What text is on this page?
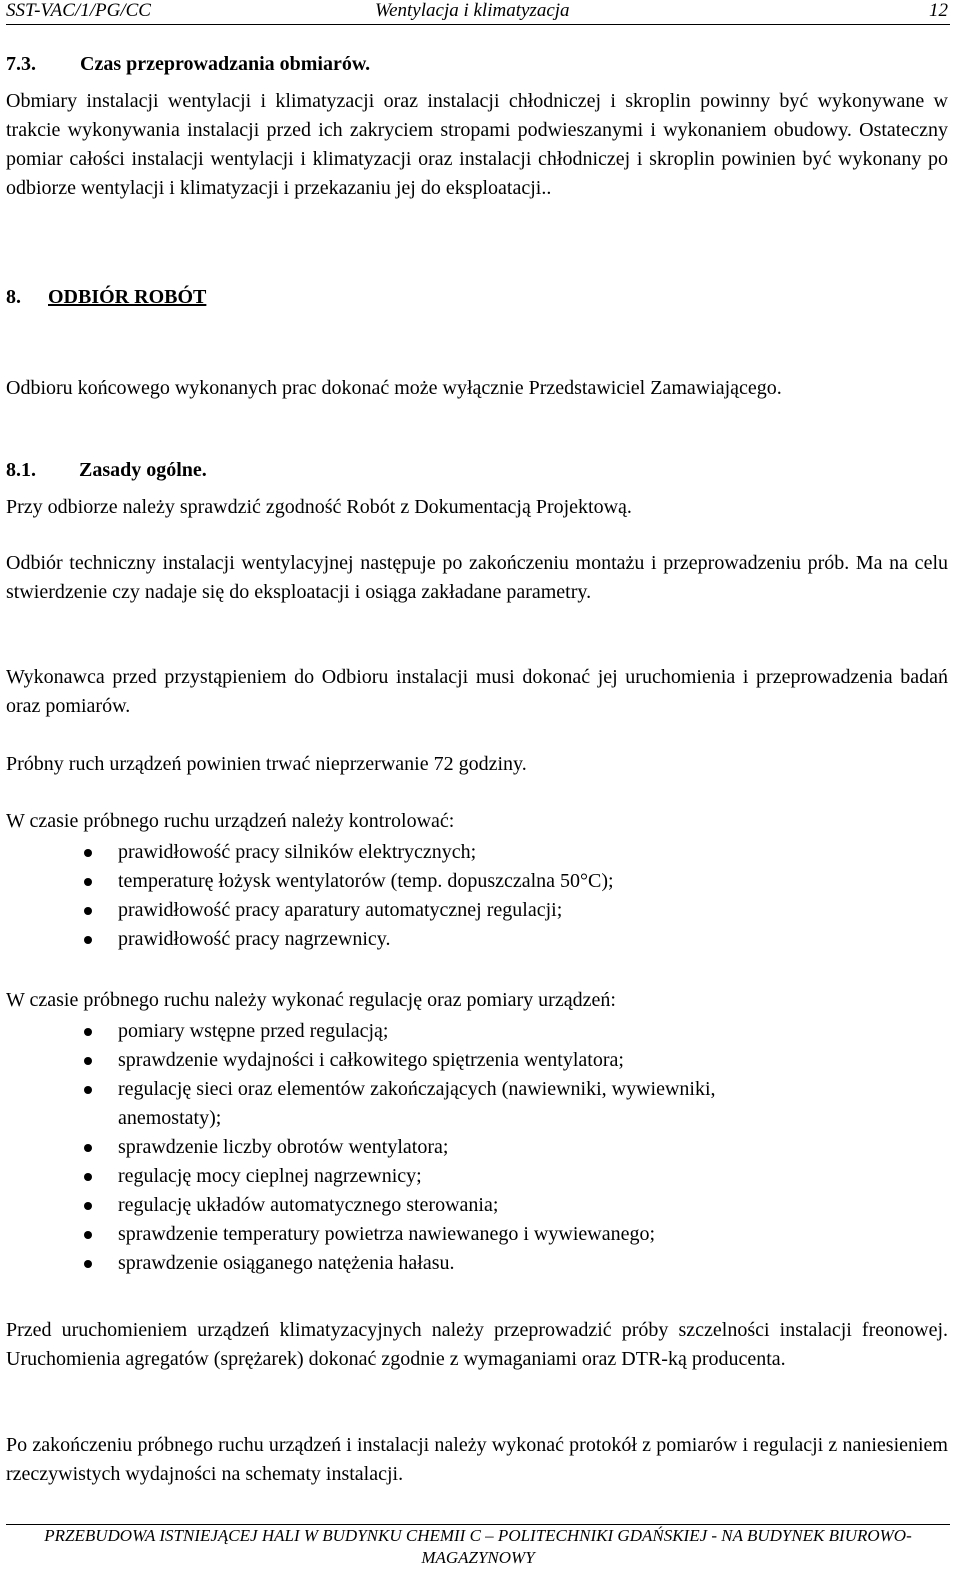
SST-VAC/1/PG/CC	Wentylacja i klimatyzacja	12
7.3. Czas przeprowadzania obmiarów.
Obmiary instalacji wentylacji i klimatyzacji oraz instalacji chłodniczej i skroplin powinny być wykonywane w trakcie wykonywania instalacji przed ich zakryciem stropami podwieszanymi i wykonaniem obudowy. Ostateczny pomiar całości instalacji wentylacji i klimatyzacji oraz instalacji chłodniczej i skroplin powinien być wykonany po odbiorze wentylacji i klimatyzacji i przekazaniu jej do eksploatacji..
8. ODBIÓR ROBÓT
Odbioru końcowego wykonanych prac dokonać może wyłącznie Przedstawiciel Zamawiającego.
8.1. Zasady ogólne.
Przy odbiorze należy sprawdzić zgodność Robót z Dokumentacją Projektową.
Odbiór techniczny instalacji wentylacyjnej następuje po zakończeniu montażu i przeprowadzeniu prób. Ma na celu stwierdzenie czy nadaje się do eksploatacji i osiąga zakładane parametry.
Wykonawca przed przystąpieniem do Odbioru instalacji musi dokonać jej uruchomienia i przeprowadzenia badań oraz pomiarów.
Próbny ruch urządzeń powinien trwać nieprzerwanie 72 godziny.
W czasie próbnego ruchu urządzeń należy kontrolować:
prawidłowość pracy silników elektrycznych;
temperaturę łożysk wentylatorów (temp. dopuszczalna 50°C);
prawidłowość pracy aparatury automatycznej regulacji;
prawidłowość pracy nagrzewnicy.
W czasie próbnego ruchu należy wykonać regulację oraz pomiary urządzeń:
pomiary wstępne przed regulacją;
sprawdzenie wydajności i całkowitego spiętrzenia wentylatora;
regulację sieci oraz elementów zakończających (nawiewniki, wywiewniki, anemostaty);
sprawdzenie liczby obrotów wentylatora;
regulację mocy cieplnej nagrzewnicy;
regulację układów automatycznego sterowania;
sprawdzenie temperatury powietrza nawiewanego i wywiewanego;
sprawdzenie osiąganego natężenia hałasu.
Przed uruchomieniem urządzeń klimatyzacyjnych należy przeprowadzić próby szczelności instalacji freonowej. Uruchomienia agregatów (sprężarek) dokonać zgodnie z wymaganiami oraz DTR-ką producenta.
Po zakończeniu próbnego ruchu urządzeń i instalacji należy wykonać protokół z pomiarów i regulacji z naniesieniem rzeczywistych wydajności na schematy instalacji.
PRZEBUDOWA ISTNIEJĄCEJ HALI W BUDYNKU CHEMII C – POLITECHNIKI GDAŃSKIEJ - NA BUDYNEK BIUROWO-MAGAZYNOWY
